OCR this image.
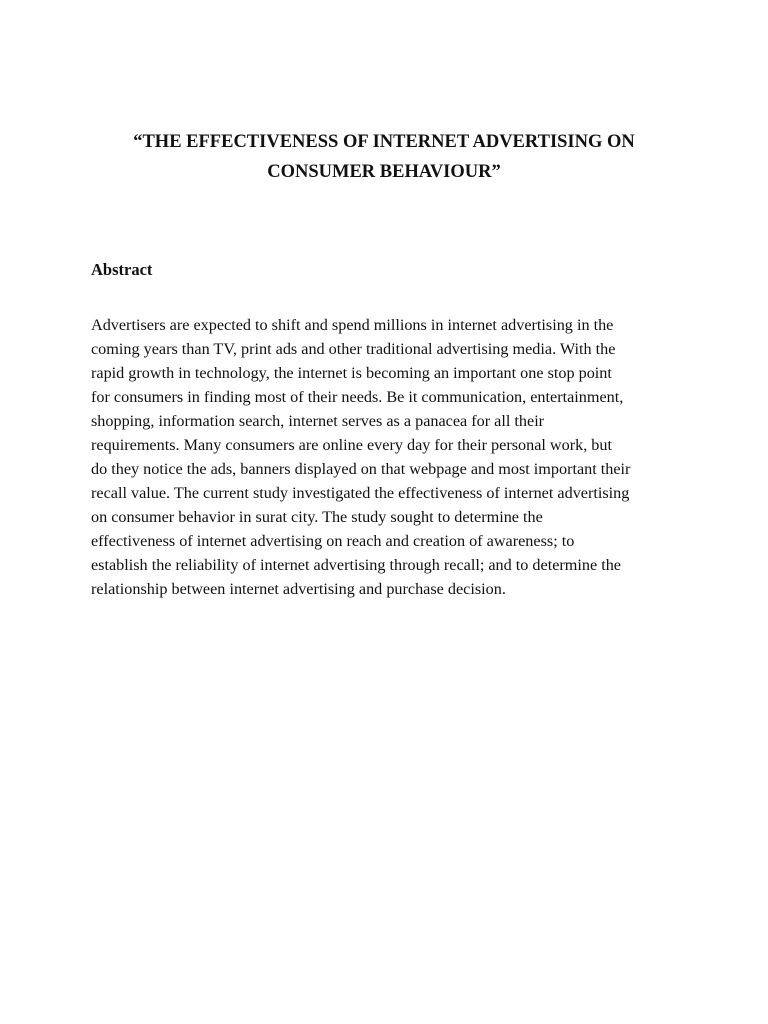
“THE EFFECTIVENESS OF INTERNET ADVERTISING ON
CONSUMER BEHAVIOUR”
Abstract

Advertisers are expected to shift and spend millions in internet advertising in the
coming years than TV, print ads and other traditional advertising media. With the
rapid growth in technology, the internet is becoming an important one stop point
for consumers in finding most of their needs. Be it communication, entertainment,
shopping, information search, internet serves as a panacea for all their
requirements. Many consumers are online every day for their personal work, but
do they notice the ads, banners displayed on that webpage and most important their
recall value. The current study investigated the effectiveness of internet advertising
on consumer behavior in surat city. The study sought to determine the
effectiveness of internet advertising on reach and creation of awareness; to
establish the reliability of internet advertising through recall; and to determine the
relationship between internet advertising and purchase decision.
